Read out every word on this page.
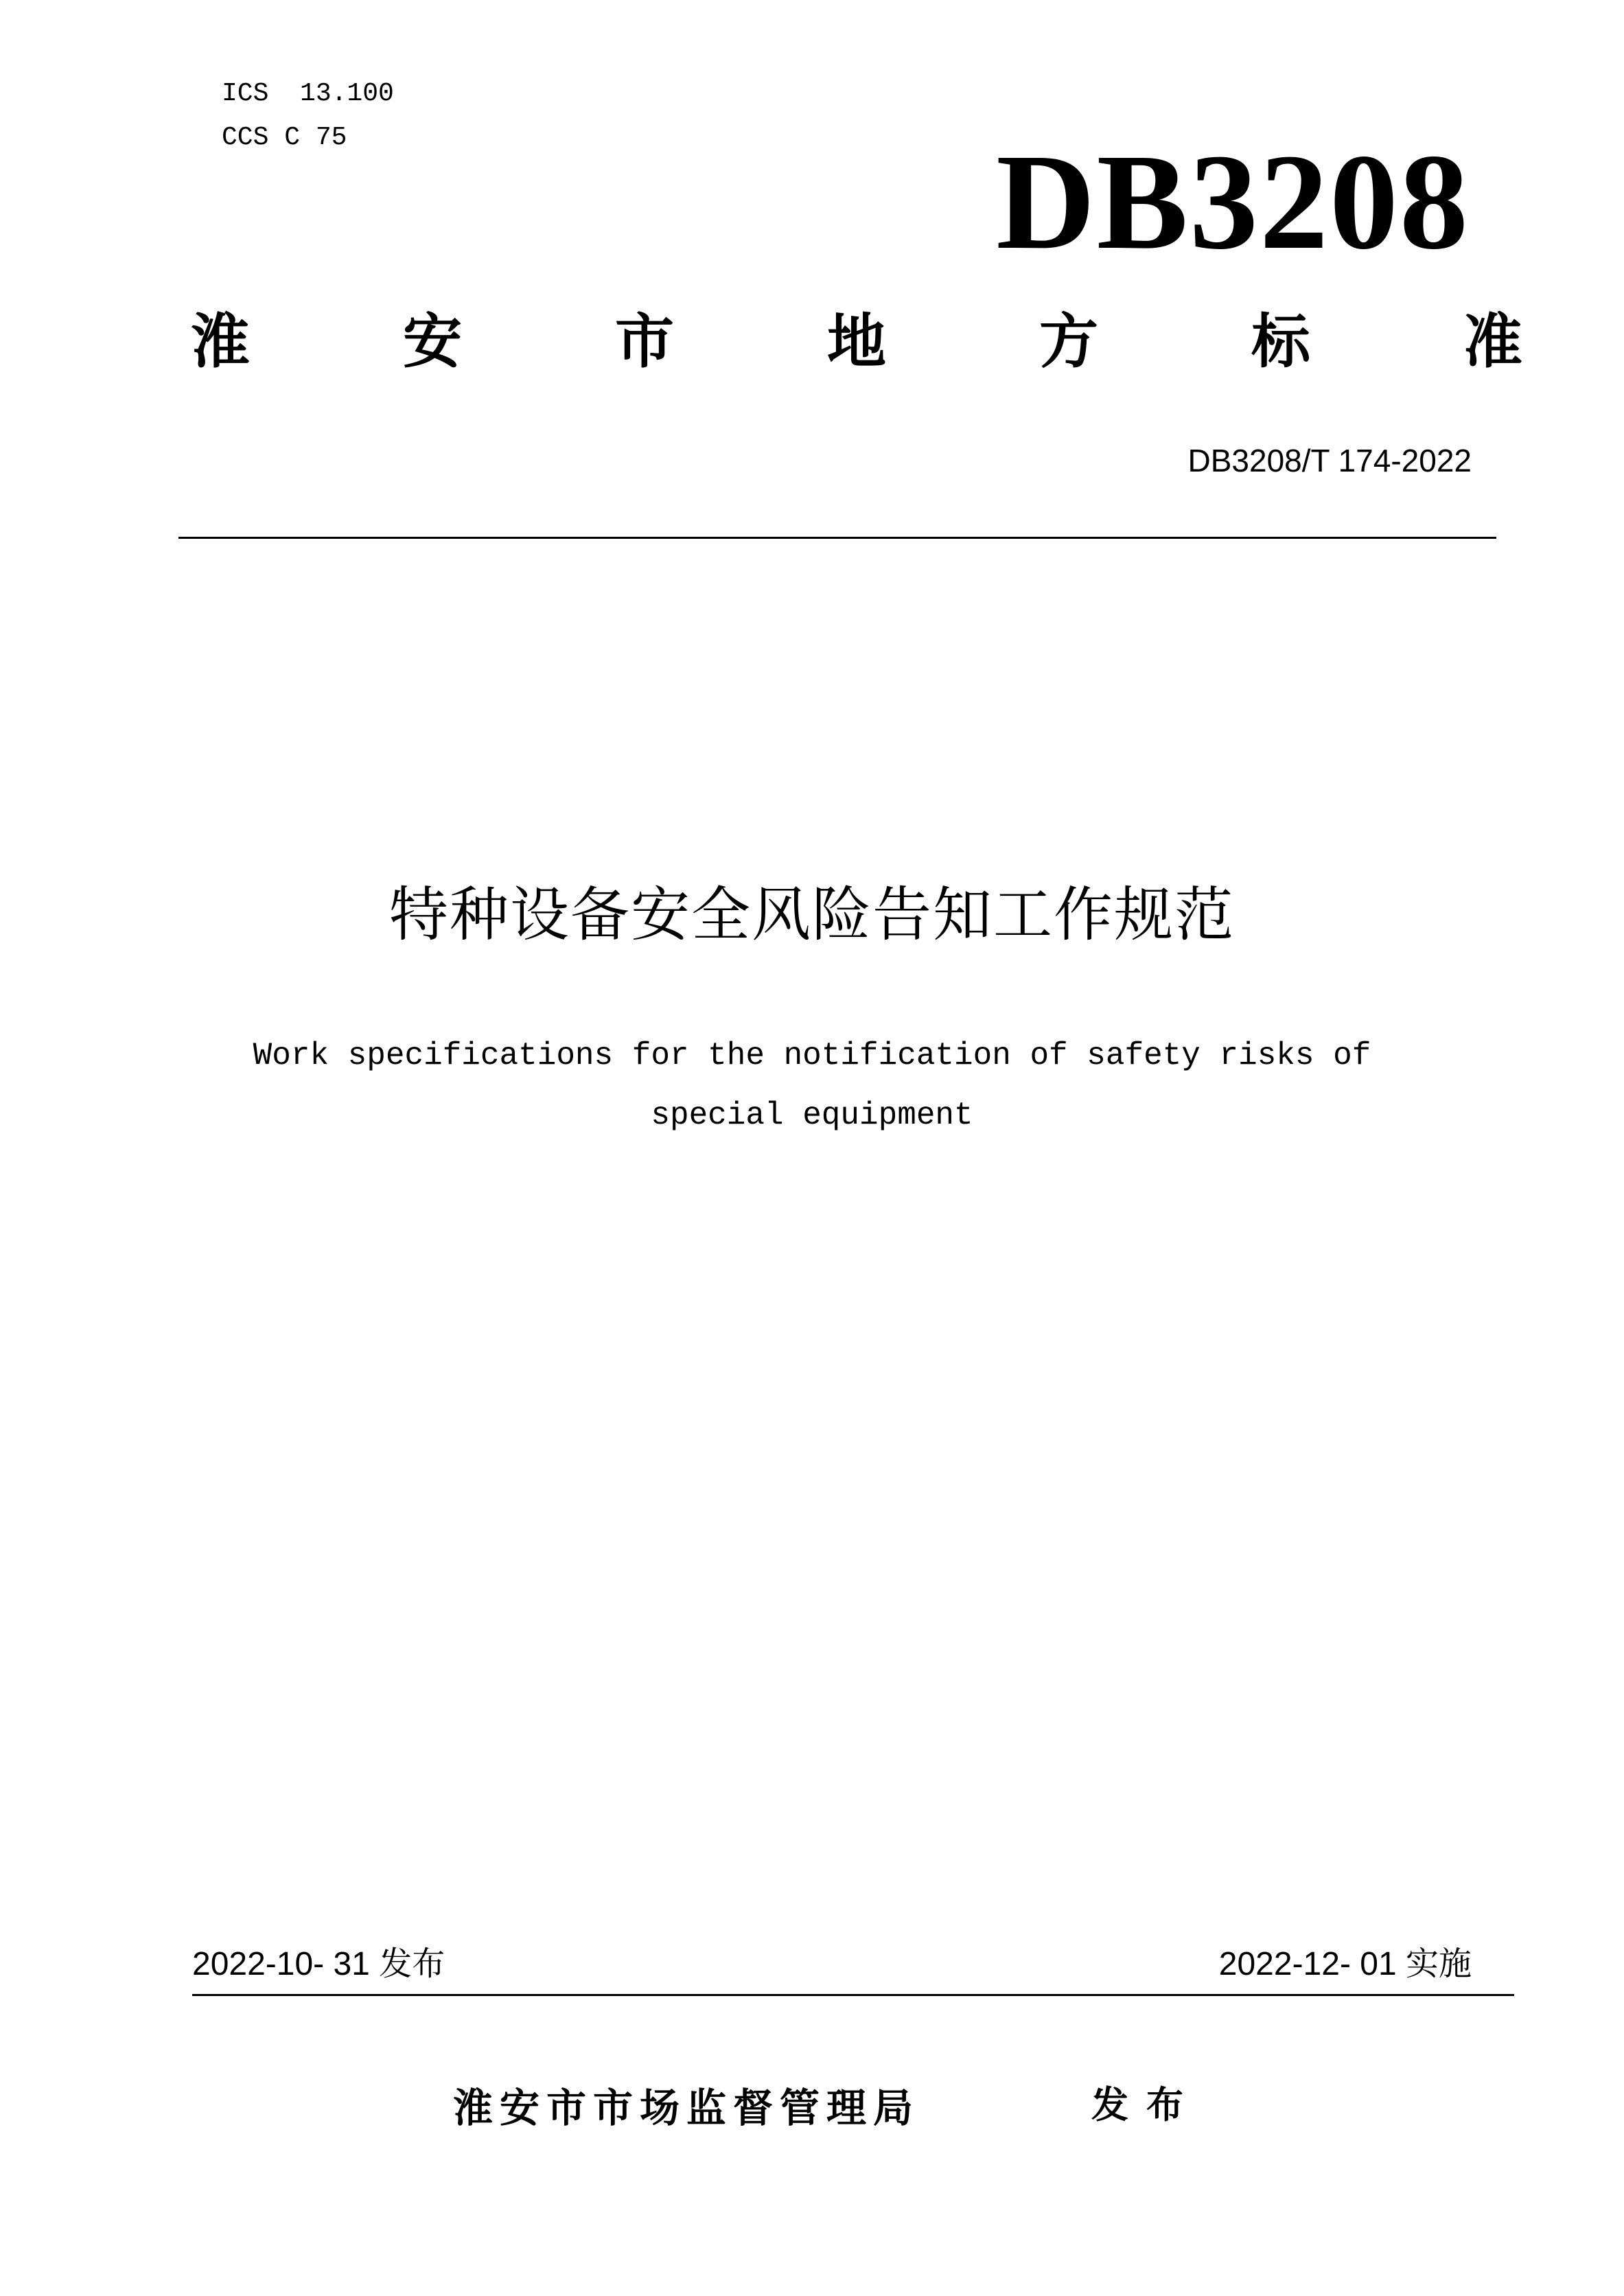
ICS  13.100
CCS C 75	DB3208
淮	安	市	地	方	标	准
DB3208/T 174-2022
特种设备安全风险告知工作规范
Work specifications for the notification of safety risks of
special equipment
2022-10- 31 发布	2022-12- 01 实施
淮安市市场监督管理局	发布
